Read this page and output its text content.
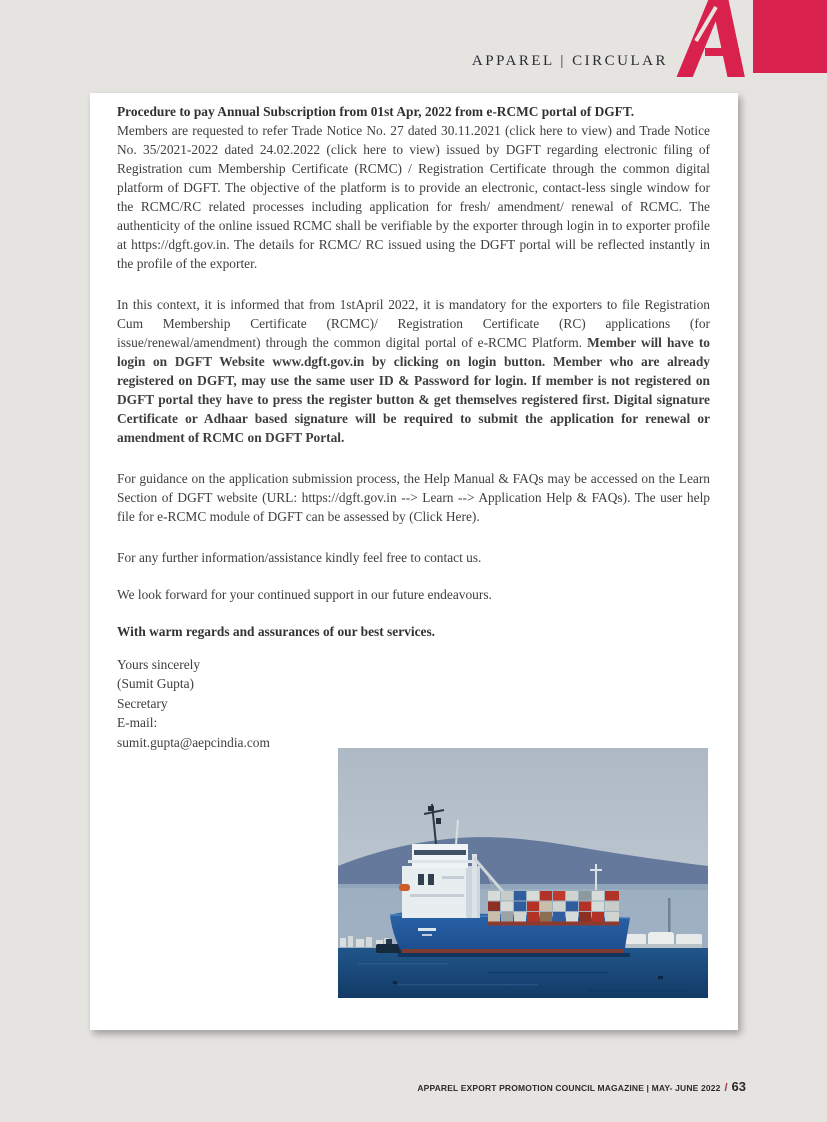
APPAREL | CIRCULAR
Procedure to pay Annual Subscription from 01st Apr, 2022 from e-RCMC portal of DGFT.

Members are requested to refer Trade Notice No. 27 dated 30.11.2021 (click here to view) and Trade Notice No. 35/2021-2022 dated 24.02.2022 (click here to view) issued by DGFT regarding electronic filing of Registration cum Membership Certificate (RCMC) / Registration Certificate through the common digital platform of DGFT. The objective of the platform is to provide an electronic, contact-less single window for the RCMC/RC related processes including application for fresh/ amendment/ renewal of RCMC. The authenticity of the online issued RCMC shall be verifiable by the exporter through login in to exporter profile at https://dgft.gov.in. The details for RCMC/ RC issued using the DGFT portal will be reflected instantly in the profile of the exporter.

In this context, it is informed that from 1stApril 2022, it is mandatory for the exporters to file Registration Cum Membership Certificate (RCMC)/ Registration Certificate (RC) applications (for issue/renewal/amendment) through the common digital portal of e-RCMC Platform. Member will have to login on DGFT Website www.dgft.gov.in by clicking on login button. Member who are already registered on DGFT, may use the same user ID & Password for login. If member is not registered on DGFT portal they have to press the register button & get themselves registered first. Digital signature Certificate or Adhaar based signature will be required to submit the application for renewal or amendment of RCMC on DGFT Portal.

For guidance on the application submission process, the Help Manual & FAQs may be accessed on the Learn Section of DGFT website (URL: https://dgft.gov.in --> Learn --> Application Help & FAQs). The user help file for e-RCMC module of DGFT can be assessed by (Click Here).

For any further information/assistance kindly feel free to contact us.

We look forward for your continued support in our future endeavours.

With warm regards and assurances of our best services.

Yours sincerely
(Sumit Gupta)
Secretary
E-mail:
sumit.gupta@aepcindia.com
APPAREL EXPORT PROMOTION COUNCIL MAGAZINE | MAY- JUNE 2022 / 63
